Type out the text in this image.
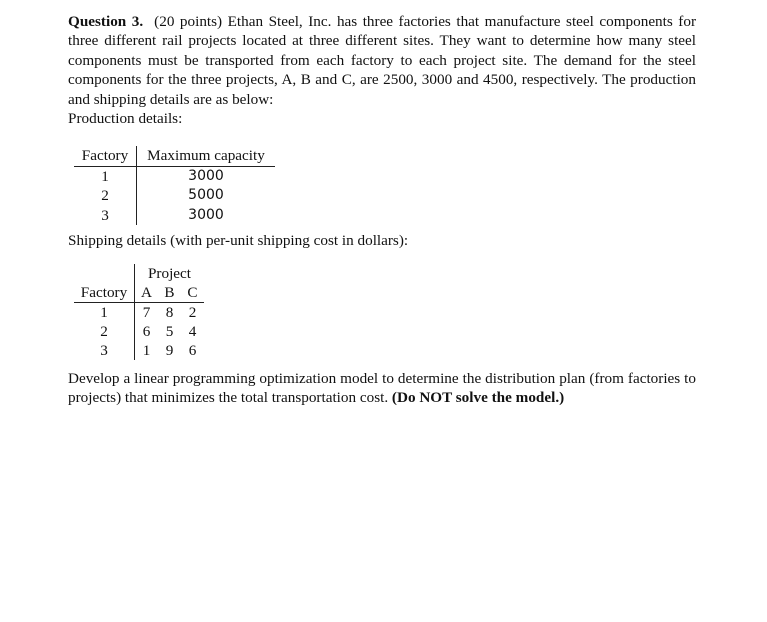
Question 3. (20 points) Ethan Steel, Inc. has three factories that manufacture steel components for three different rail projects located at three different sites. They want to determine how many steel components must be transported from each factory to each project site. The demand for the steel components for the three projects, A, B and C, are 2500, 3000 and 4500, respectively. The production and shipping details are as below:
Production details:

Factory	Maximum capacity
1	3000
2	5000
3	3000
Shipping details (with per-unit shipping cost in dollars):
	Project		
Factory	A	B	C
1	7	8	2
2	6	5	4
3	1	9	6
Develop a linear programming optimization model to determine the distribution plan (from factories to projects) that minimizes the total transportation cost. (Do NOT solve the model.)
